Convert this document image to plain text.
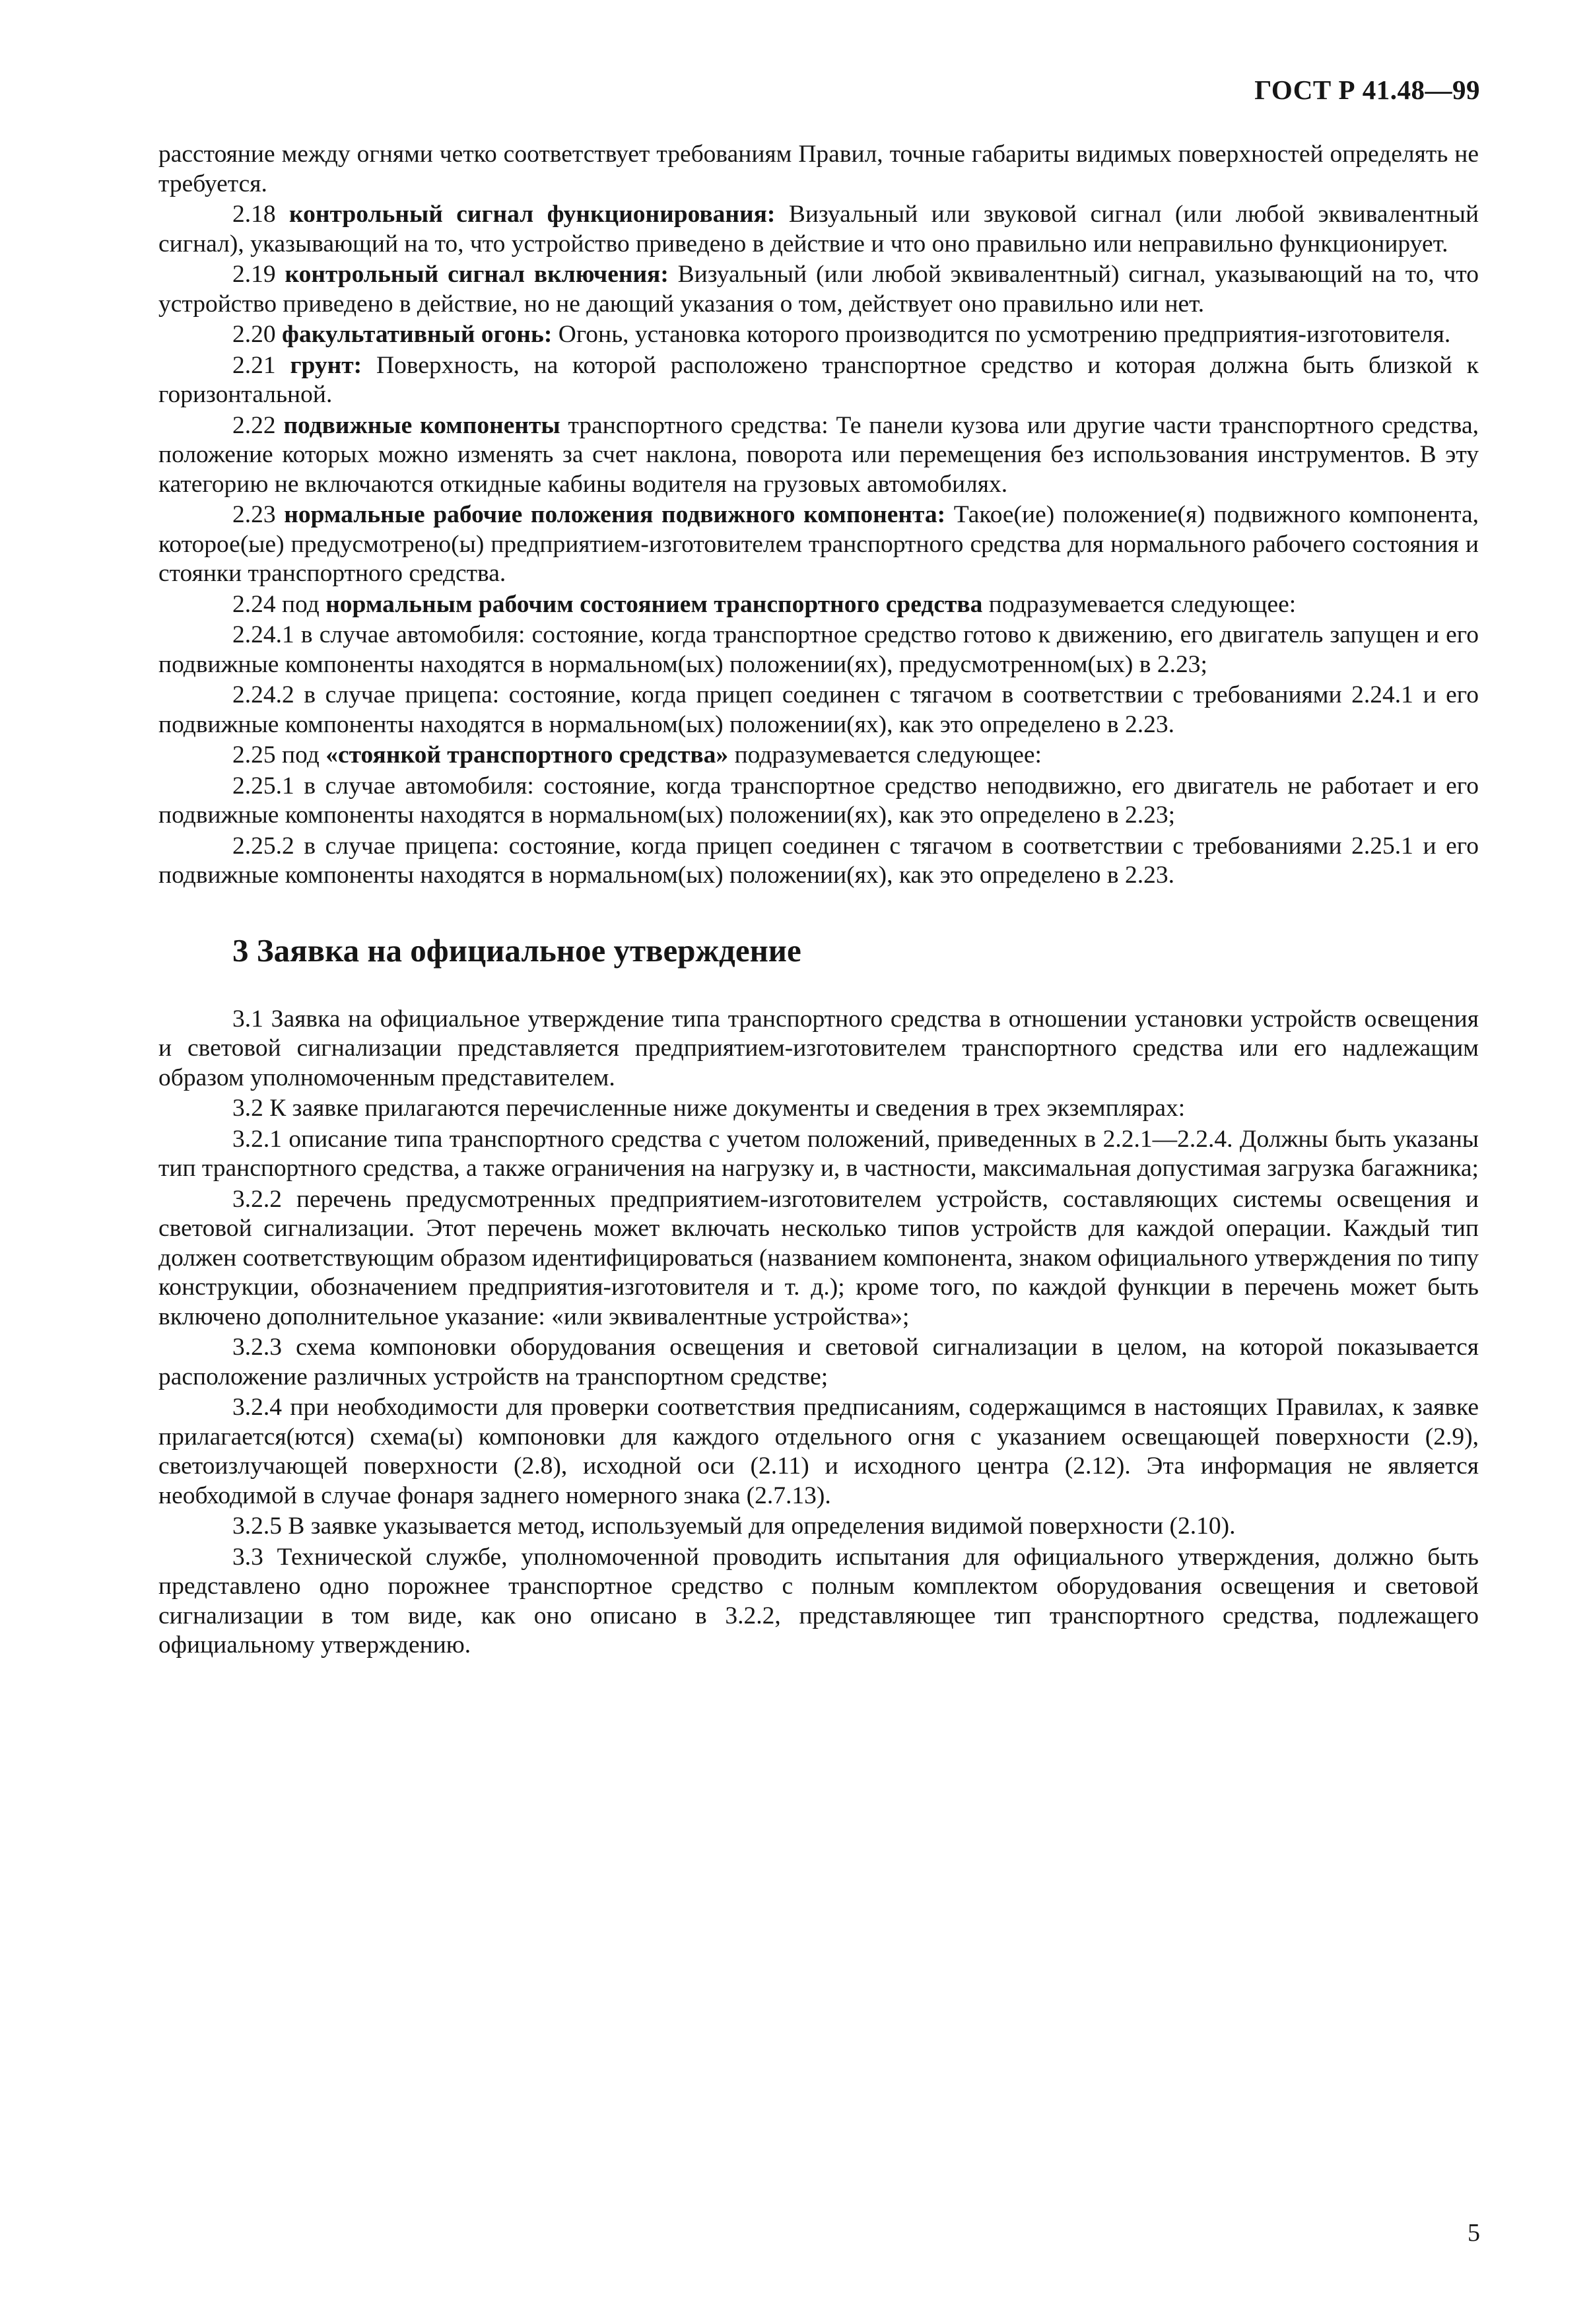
ГОСТ Р 41.48—99

расстояние между огнями четко соответствует требованиям Правил, точные габариты видимых поверхностей определять не требуется.

2.18 контрольный сигнал функционирования: Визуальный или звуковой сигнал (или любой эквивалентный сигнал), указывающий на то, что устройство приведено в действие и что оно правильно или неправильно функционирует.

2.19 контрольный сигнал включения: Визуальный (или любой эквивалентный) сигнал, указывающий на то, что устройство приведено в действие, но не дающий указания о том, действует оно правильно или нет.

2.20 факультативный огонь: Огонь, установка которого производится по усмотрению предприятия-изготовителя.

2.21 грунт: Поверхность, на которой расположено транспортное средство и которая должна быть близкой к горизонтальной.

2.22 подвижные компоненты транспортного средства: Те панели кузова или другие части транспортного средства, положение которых можно изменять за счет наклона, поворота или перемещения без использования инструментов. В эту категорию не включаются откидные кабины водителя на грузовых автомобилях.

2.23 нормальные рабочие положения подвижного компонента: Такое(ие) положение(я) подвижного компонента, которое(ые) предусмотрено(ы) предприятием-изготовителем транспортного средства для нормального рабочего состояния и стоянки транспортного средства.

2.24 под нормальным рабочим состоянием транспортного средства подразумевается следующее:

2.24.1 в случае автомобиля: состояние, когда транспортное средство готово к движению, его двигатель запущен и его подвижные компоненты находятся в нормальном(ых) положении(ях), предусмотренном(ых) в 2.23;

2.24.2 в случае прицепа: состояние, когда прицеп соединен с тягачом в соответствии с требованиями 2.24.1 и его подвижные компоненты находятся в нормальном(ых) положении(ях), как это определено в 2.23.

2.25 под «стоянкой транспортного средства» подразумевается следующее:

2.25.1 в случае автомобиля: состояние, когда транспортное средство неподвижно, его двигатель не работает и его подвижные компоненты находятся в нормальном(ых) положении(ях), как это определено в 2.23;

2.25.2 в случае прицепа: состояние, когда прицеп соединен с тягачом в соответствии с требованиями 2.25.1 и его подвижные компоненты находятся в нормальном(ых) положении(ях), как это определено в 2.23.

3 Заявка на официальное утверждение

3.1 Заявка на официальное утверждение типа транспортного средства в отношении установки устройств освещения и световой сигнализации представляется предприятием-изготовителем транспортного средства или его надлежащим образом уполномоченным представителем.

3.2 К заявке прилагаются перечисленные ниже документы и сведения в трех экземплярах:

3.2.1 описание типа транспортного средства с учетом положений, приведенных в 2.2.1—2.2.4. Должны быть указаны тип транспортного средства, а также ограничения на нагрузку и, в частности, максимальная допустимая загрузка багажника;

3.2.2 перечень предусмотренных предприятием-изготовителем устройств, составляющих системы освещения и световой сигнализации. Этот перечень может включать несколько типов устройств для каждой операции. Каждый тип должен соответствующим образом идентифицироваться (названием компонента, знаком официального утверждения по типу конструкции, обозначением предприятия-изготовителя и т. д.); кроме того, по каждой функции в перечень может быть включено дополнительное указание: «или эквивалентные устройства»;

3.2.3 схема компоновки оборудования освещения и световой сигнализации в целом, на которой показывается расположение различных устройств на транспортном средстве;

3.2.4 при необходимости для проверки соответствия предписаниям, содержащимся в настоящих Правилах, к заявке прилагается(ются) схема(ы) компоновки для каждого отдельного огня с указанием освещающей поверхности (2.9), светоизлучающей поверхности (2.8), исходной оси (2.11) и исходного центра (2.12). Эта информация не является необходимой в случае фонаря заднего номерного знака (2.7.13).

3.2.5 В заявке указывается метод, используемый для определения видимой поверхности (2.10).

3.3 Технической службе, уполномоченной проводить испытания для официального утверждения, должно быть представлено одно порожнее транспортное средство с полным комплектом оборудования освещения и световой сигнализации в том виде, как оно описано в 3.2.2, представляющее тип транспортного средства, подлежащего официальному утверждению.

5
